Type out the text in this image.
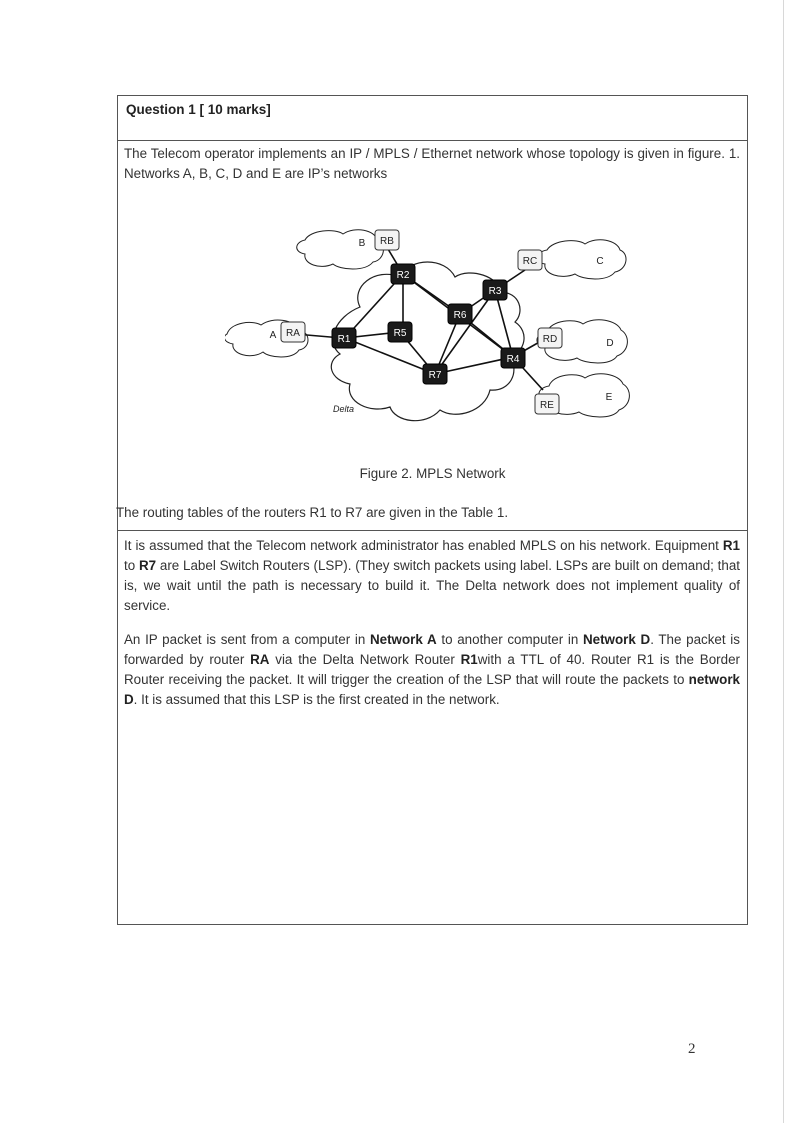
Question 1 [ 10 marks]
The Telecom operator implements an IP / MPLS / Ethernet network whose topology is given in figure. 1. Networks A, B, C, D and E are IP’s networks
Delta
RB
RA
RC
RD
RE
B
A
C
D
E
R1
R2
R3
R4
R5
R6
R7
Figure 2. MPLS Network
The routing tables of the routers R1 to R7 are given in the Table 1.
It is assumed that the Telecom network administrator has enabled MPLS on his network. Equipment R1 to R7 are Label Switch Routers (LSP). (They switch packets using label. LSPs are built on demand; that is, we wait until the path is necessary to build it. The Delta network does not implement quality of service.
An IP packet is sent from a computer in Network A to another computer in Network D. The packet is forwarded by router RA via the Delta Network Router R1with a TTL of 40. Router R1 is the Border Router receiving the packet. It will trigger the creation of the LSP that will route the packets to network D. It is assumed that this LSP is the first created in the network.
2
